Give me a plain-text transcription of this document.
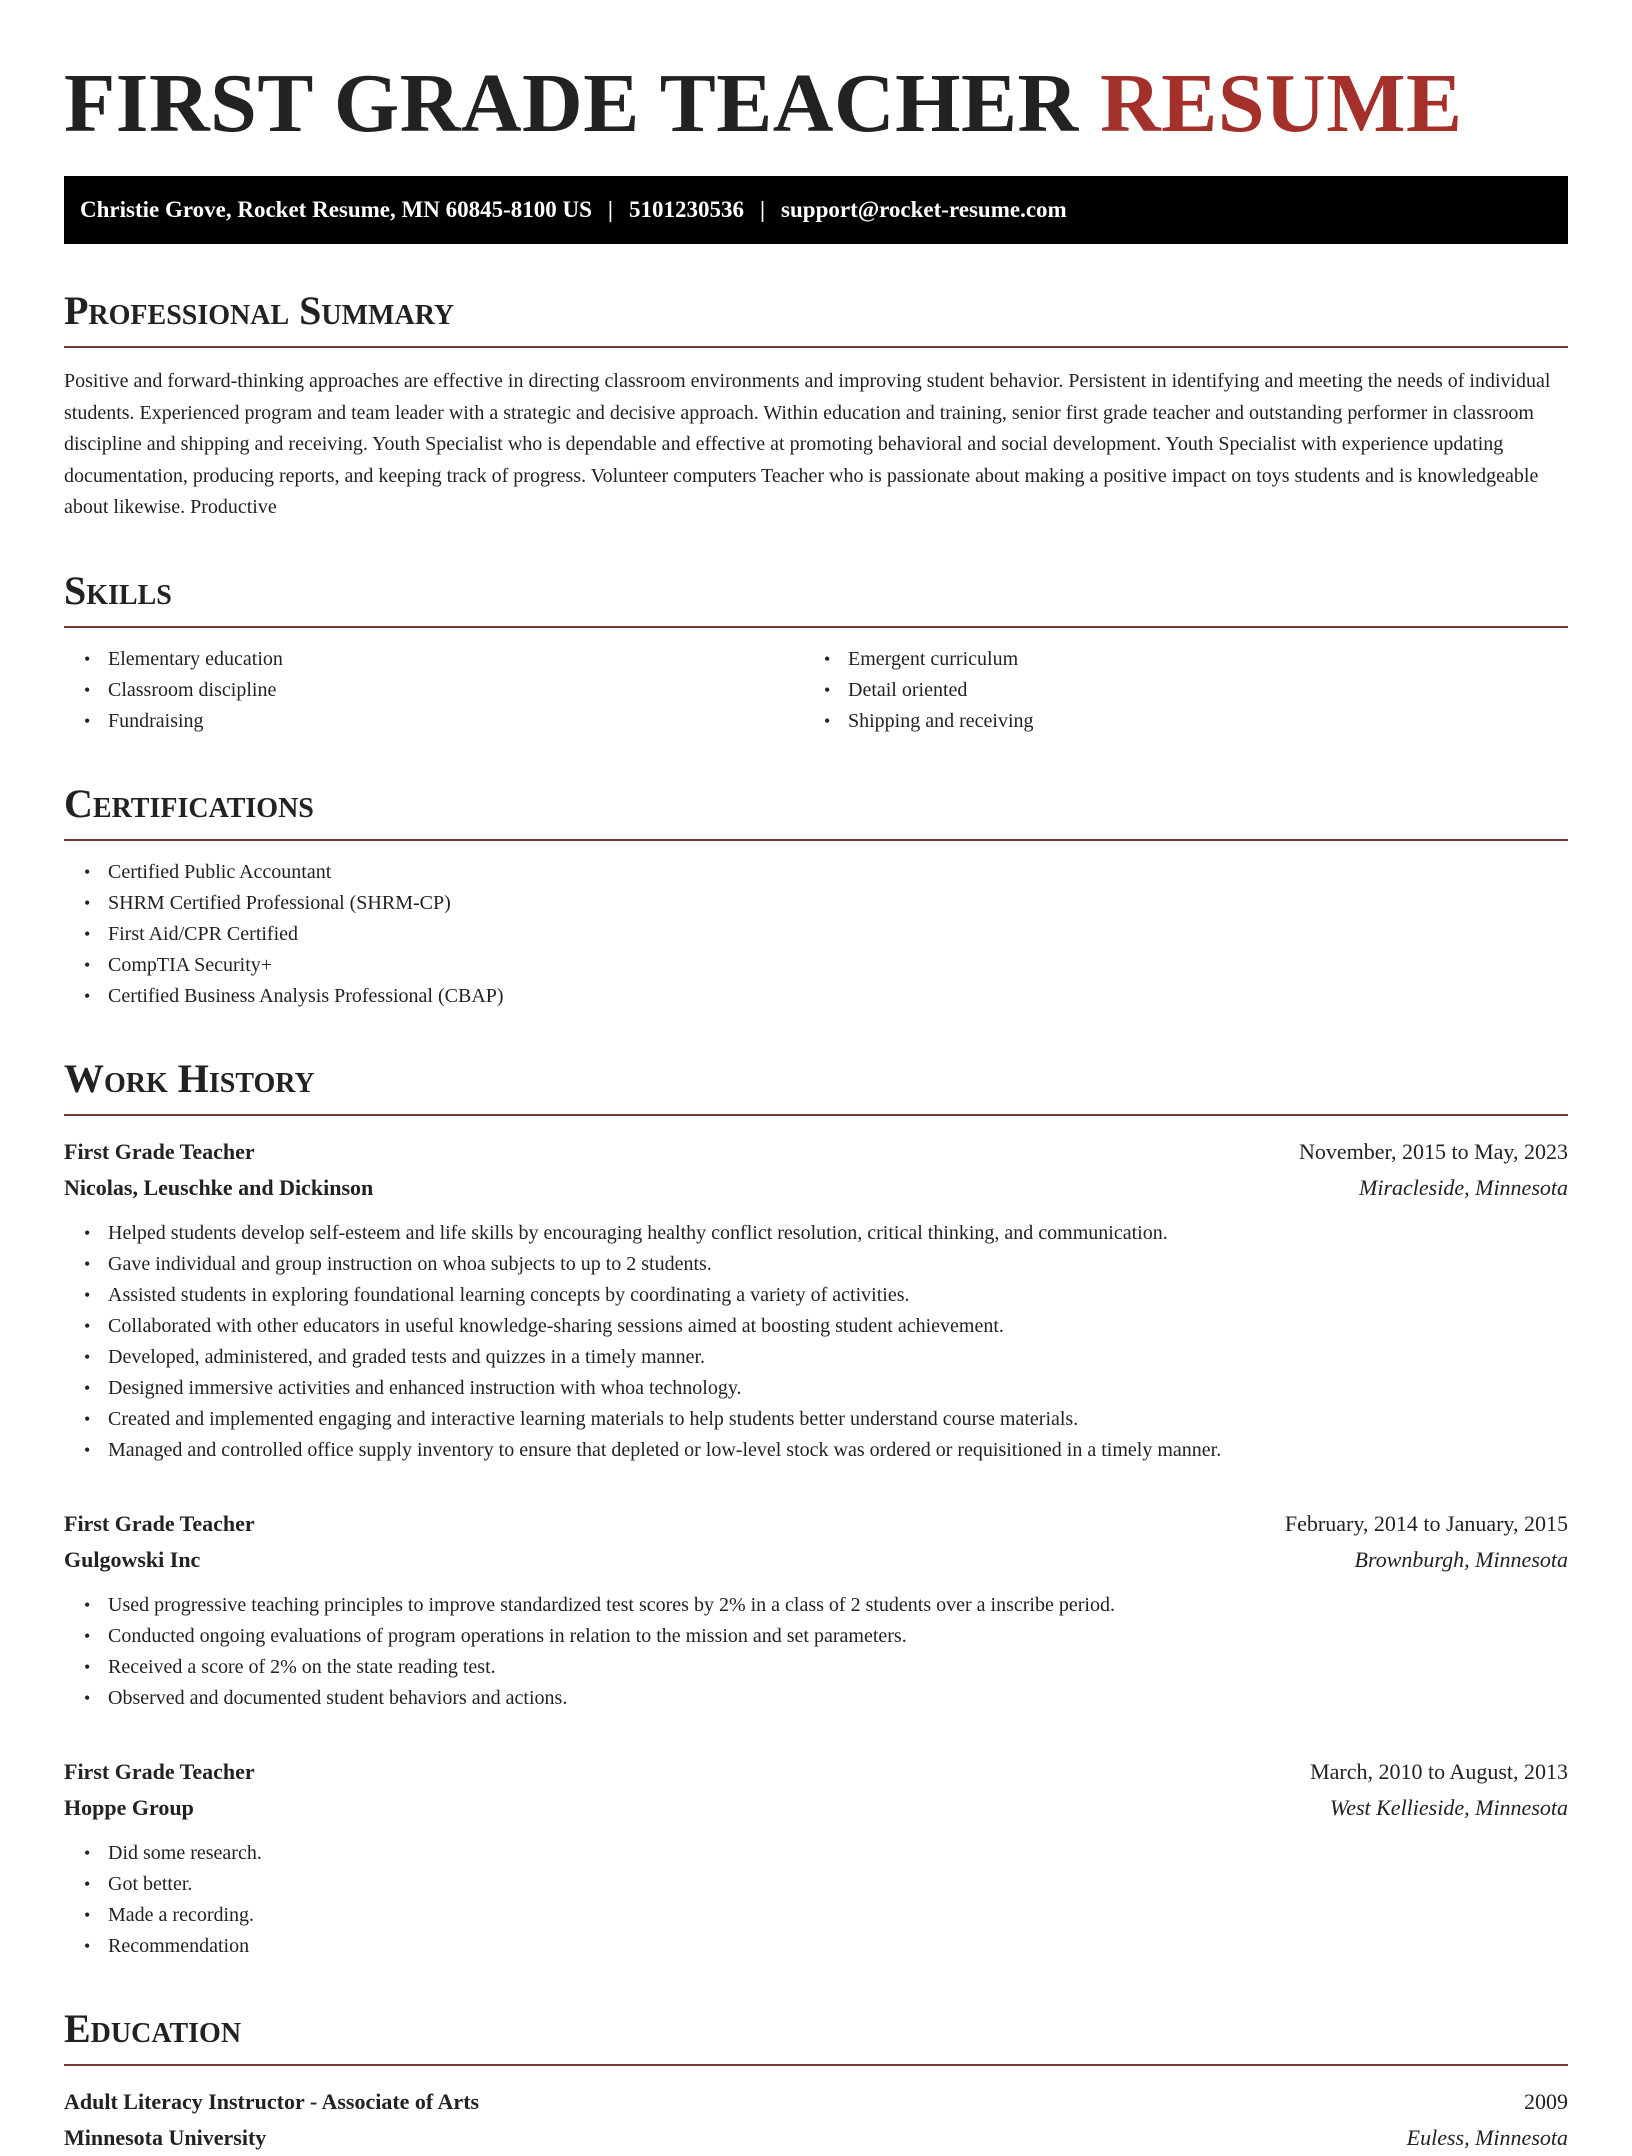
FIRST GRADE TEACHER RESUME
Christie Grove, Rocket Resume, MN 60845-8100 US | 5101230536 | support@rocket-resume.com
Professional Summary

Positive and forward-thinking approaches are effective in directing classroom environments and improving student behavior. Persistent in identifying and meeting the needs of individual students. Experienced program and team leader with a strategic and decisive approach. Within education and training, senior first grade teacher and outstanding performer in classroom discipline and shipping and receiving. Youth Specialist who is dependable and effective at promoting behavioral and social development. Youth Specialist with experience updating documentation, producing reports, and keeping track of progress. Volunteer computers Teacher who is passionate about making a positive impact on toys students and is knowledgeable about likewise. Productive

Skills
• Elementary education
• Classroom discipline
• Fundraising
• Emergent curriculum
• Detail oriented
• Shipping and receiving
Certifications
• Certified Public Accountant
• SHRM Certified Professional (SHRM-CP)
• First Aid/CPR Certified
• CompTIA Security+
• Certified Business Analysis Professional (CBAP)
Work History
First Grade Teacher	November, 2015 to May, 2023
Nicolas, Leuschke and Dickinson	Miracleside, Minnesota
• Helped students develop self-esteem and life skills by encouraging healthy conflict resolution, critical thinking, and communication.
• Gave individual and group instruction on whoa subjects to up to 2 students.
• Assisted students in exploring foundational learning concepts by coordinating a variety of activities.
• Collaborated with other educators in useful knowledge-sharing sessions aimed at boosting student achievement.
• Developed, administered, and graded tests and quizzes in a timely manner.
• Designed immersive activities and enhanced instruction with whoa technology.
• Created and implemented engaging and interactive learning materials to help students better understand course materials.
• Managed and controlled office supply inventory to ensure that depleted or low-level stock was ordered or requisitioned in a timely manner.
First Grade Teacher	February, 2014 to January, 2015
Gulgowski Inc	Brownburgh, Minnesota
• Used progressive teaching principles to improve standardized test scores by 2% in a class of 2 students over a inscribe period.
• Conducted ongoing evaluations of program operations in relation to the mission and set parameters.
• Received a score of 2% on the state reading test.
• Observed and documented student behaviors and actions.
First Grade Teacher	March, 2010 to August, 2013
Hoppe Group	West Kellieside, Minnesota
• Did some research.
• Got better.
• Made a recording.
• Recommendation
Education
Adult Literacy Instructor - Associate of Arts	2009
Minnesota University	Euless, Minnesota
